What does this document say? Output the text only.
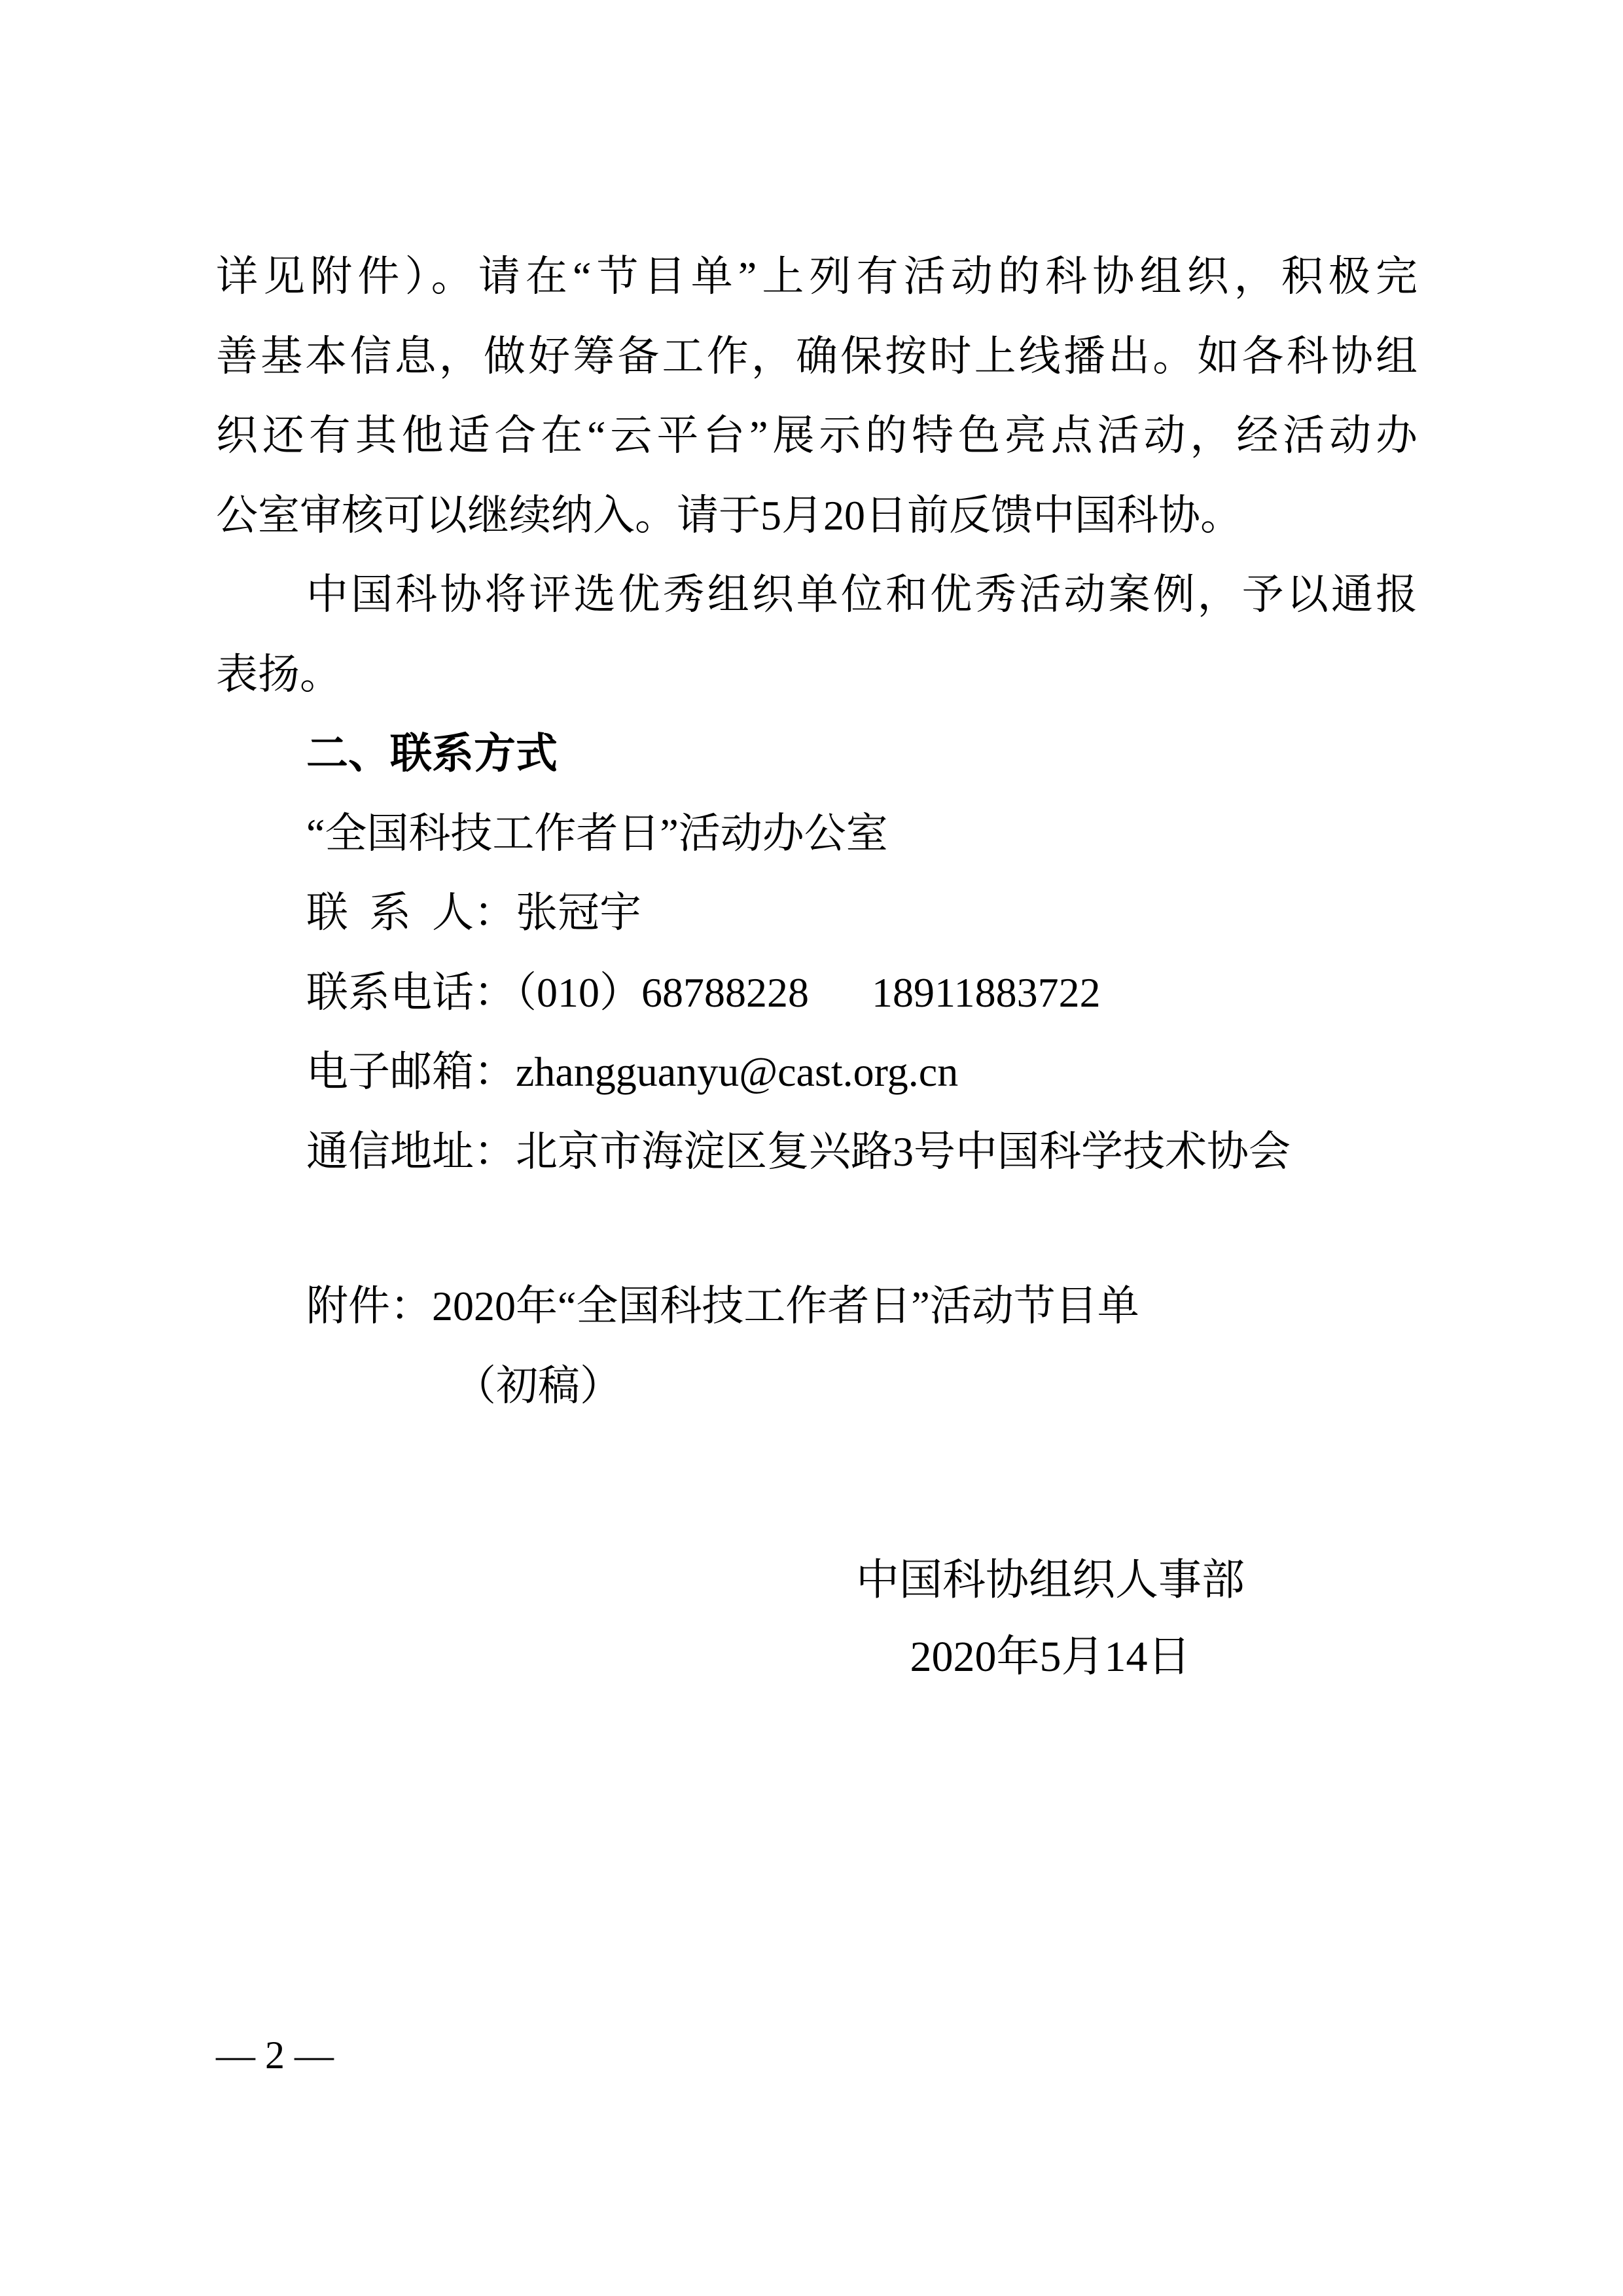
详见附件）。请在“节目单”上列有活动的科协组织，积极完
善基本信息，做好筹备工作，确保按时上线播出。如各科协组
织还有其他适合在“云平台”展示的特色亮点活动，经活动办
公室审核可以继续纳入。请于5月20日前反馈中国科协。
中国科协将评选优秀组织单位和优秀活动案例，予以通报
表扬。
二、联系方式
“全国科技工作者日”活动办公室
联 系 人：张冠宇
联系电话：（010）68788228  18911883722
电子邮箱：zhangguanyu@cast.org.cn
通信地址：北京市海淀区复兴路3号中国科学技术协会
附件：2020年“全国科技工作者日”活动节目单
（初稿）
中国科协组织人事部
2020年5月14日
— 2 —
